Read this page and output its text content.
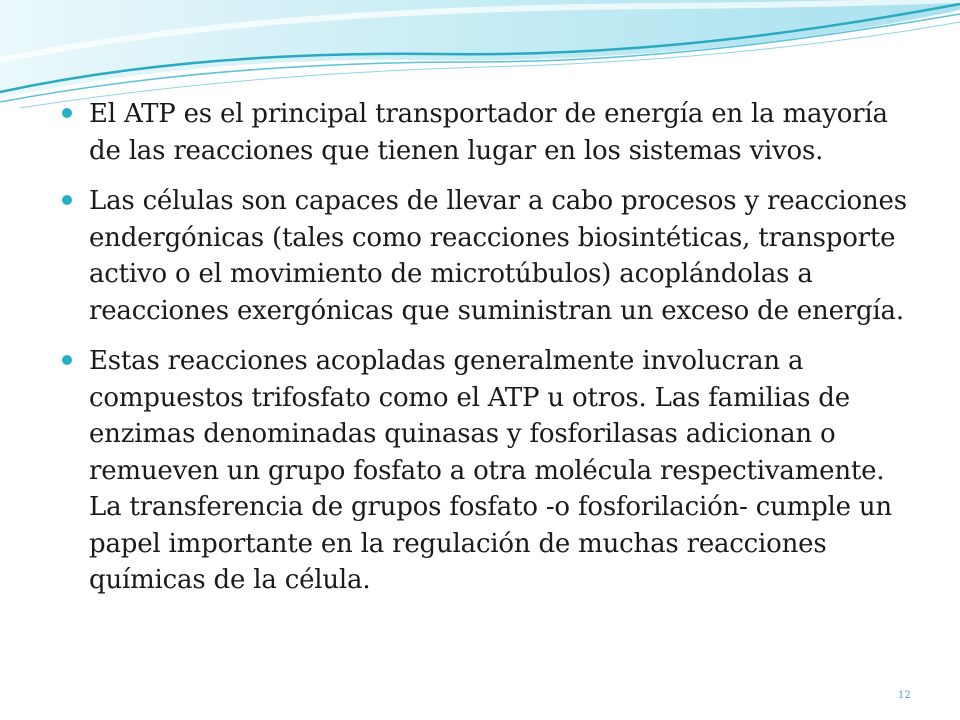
El ATP es el principal transportador de energía en la mayoría de las reacciones que tienen lugar en los sistemas vivos.
Las células son capaces de llevar a cabo procesos y reacciones endergónicas (tales como reacciones biosintéticas, transporte activo o el movimiento de microtúbulos) acoplándolas a reacciones exergónicas que suministran un exceso de energía.
Estas reacciones acopladas generalmente involucran a compuestos trifosfato como el ATP u otros. Las familias de enzimas denominadas quinasas y fosforilasas adicionan o remueven un grupo fosfato a otra molécula respectivamente. La transferencia de grupos fosfato -o fosforilación- cumple un papel importante en la regulación de muchas reacciones químicas de la célula.
12
